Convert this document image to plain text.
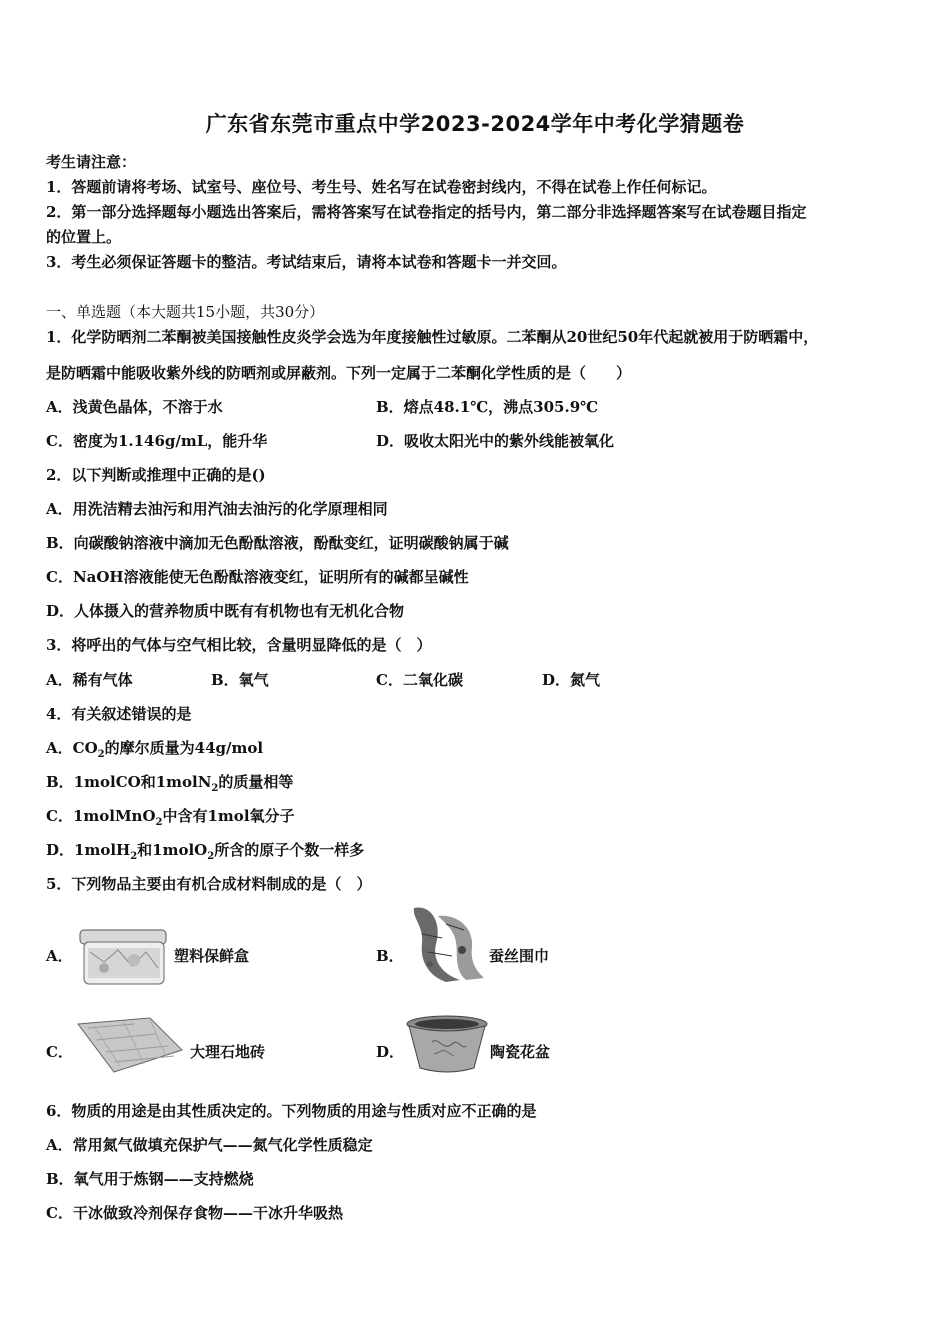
广东省东莞市重点中学2023-2024学年中考化学猜题卷
考生请注意：
1．答题前请将考场、试室号、座位号、考生号、姓名写在试卷密封线内，不得在试卷上作任何标记。
2．第一部分选择题每小题选出答案后，需将答案写在试卷指定的括号内，第二部分非选择题答案写在试卷题目指定
的位置上。
3．考生必须保证答题卡的整洁。考试结束后，请将本试卷和答题卡一并交回。
一、单选题（本大题共15小题，共30分）
1．化学防晒剂二苯酮被美国接触性皮炎学会选为年度接触性过敏原。二苯酮从20世纪50年代起就被用于防晒霜中，
是防晒霜中能吸收紫外线的防晒剂或屏蔽剂。下列一定属于二苯酮化学性质的是（　　）
A．浅黄色晶体，不溶于水	B．熔点48.1℃，沸点305.9℃
C．密度为1.146g/mL，能升华	D．吸收太阳光中的紫外线能被氧化
2．以下判断或推理中正确的是()
A．用洗洁精去油污和用汽油去油污的化学原理相同
B．向碳酸钠溶液中滴加无色酚酞溶液，酚酞变红，证明碳酸钠属于碱
C．NaOH溶液能使无色酚酞溶液变红，证明所有的碱都呈碱性
D．人体摄入的营养物质中既有有机物也有无机化合物
3．将呼出的气体与空气相比较，含量明显降低的是（　）
A．稀有气体	B．氧气	C．二氧化碳	D．氮气
4．有关叙述错误的是
A．$CO_2$的摩尔质量为44g/mol
B．1molCO和1molN$_2$的质量相等
C．1molMnO$_2$中含有1mol氧分子
D．1molH$_2$和1molO$_2$所含的原子个数一样多
5．下列物品主要由有机合成材料制成的是（　）
A．	塑料保鲜盒	B．	蚕丝围巾
C．	大理石地砖	D．	陶瓷花盆
6．物质的用途是由其性质决定的。下列物质的用途与性质对应不正确的是
A．常用氮气做填充保护气——氮气化学性质稳定
B．氧气用于炼钢——支持燃烧
C．干冰做致冷剂保存食物——干冰升华吸热
